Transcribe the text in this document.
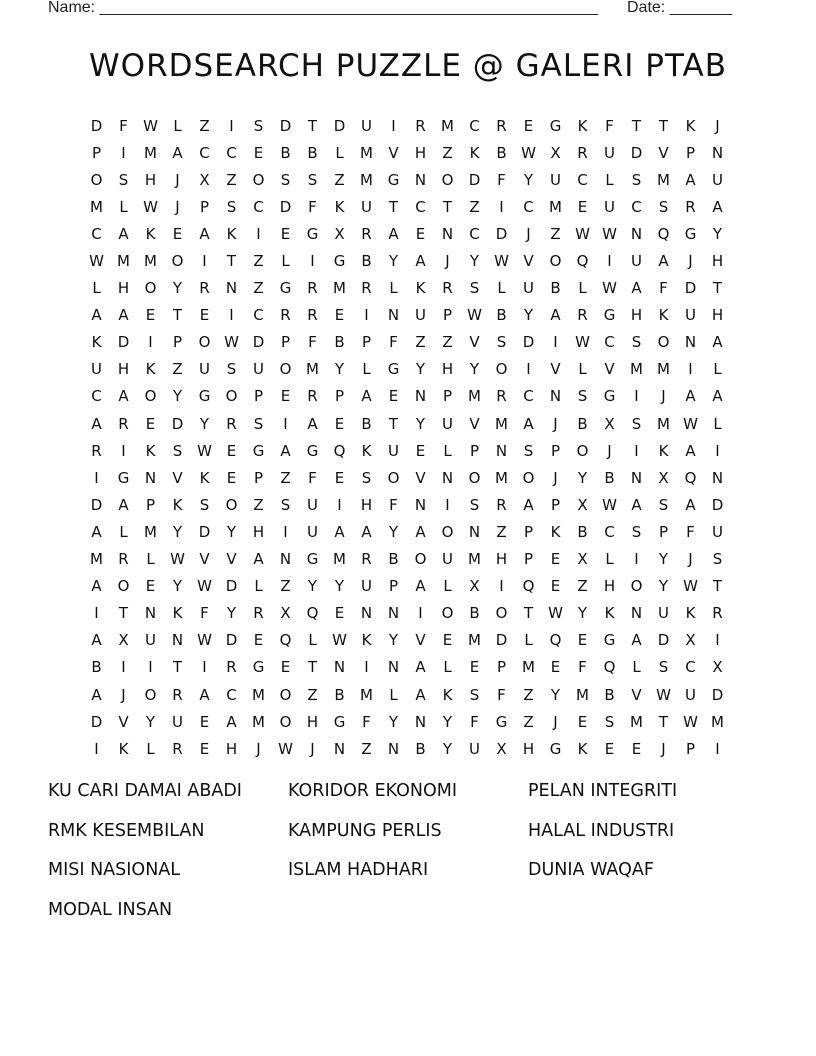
Name: ________________________________________________________ Date: _______
WORDSEARCH PUZZLE @ GALERI PTAB
D	F	W	L	Z	I	S	D	T	D	U	I	R	M	C	R	E	G	K	F	T	T	K	J
P	I	M	A	C	C	E	B	B	L	M	V	H	Z	K	B W X	R	U	D	V	P	N
O	S	H	J	X	Z	O	S	S	Z	M G	N	O	D	F	Y	U	C	L	S	M	A	U
M	L	W	J	P	S	C	D	F	K	U	T	C	T	Z	I	C	M	E	U	C	S	R	A
C	A	K	E	A	K	I	E	G	X	R	A	E	N	C	D	J	Z W W N	Q	G	Y
W M M O	I	T	Z	L	I	G	B	Y	A	J	Y	W V	O	Q	I	U	A	J	H
L	H	O	Y	R	N	Z	G	R	M	R	L	K	R	S	L	U	B	L	W A	F	D	T
A	A	E	T	E	I	C	R	R	E	I	N	U	P	W B	Y	A	R	G	H	K	U	H
K	D	I	P	O W D	P	F	B	P	F	Z	Z	V	S	D	I	W C	S	O	N	A
U	H	K	Z	U	S	U	O M	Y	L	G	Y	H	Y	O	I	V	L	V	M M	I	L
C	A	O	Y	G	O	P	E	R	P	A	E	N	P	M	R	C	N	S	G	I	J	A	A
A	R	E	D	Y	R	S	I	A	E	B	T	Y	U	V	M	A	J	B	X	S	M W	L
R	I	K	S W E	G	A	G	Q	K	U	E	L	P	N	S	P	O	J	I	K	A	I
I	G	N	V	K	E	P	Z	F	E	S	O	V	N	O M O	J	Y	B	N	X	Q	N
D	A	P	K	S	O	Z	S	U	I	H	F	N	I	S	R	A	P	X W A	S	A	D
A	L	M	Y	D	Y	H	I	U	A	A	Y	A	O	N	Z	P	K	B	C	S	P	F	U
M	R	L	W V	V	A	N	G M	R	B	O	U	M H	P	E	X	L	I	Y	J	S
A	O	E	Y	W D	L	Z	Y	Y	U	P	A	L	X	I	Q	E	Z	H	O	Y	W T
I	T	N	K	F	Y	R	X	Q	E	N	N	I	O	B	O	T	W Y	K	N	U	K	R
A	X	U	N W D	E	Q	L	W K	Y	V	E	M D	L	Q	E	G	A	D	X	I
B	I	I	T	I	R	G	E	T	N	I	N	A	L	E	P	M	E	F	Q	L	S	C	X
A	J	O	R	A	C	M O	Z	B	M	L	A	K	S	F	Z	Y	M	B	V W U	D
D	V	Y	U	E	A	M O	H	G	F	Y	N	Y	F	G	Z	J	E	S	M	T	W M
I	K	L	R	E	H	J	W	J	N	Z	N	B	Y	U	X	H	G	K	E	E	J	P	I
KU CARI DAMAI ABADI	KORIDOR EKONOMI	PELAN INTEGRITI
RMK KESEMBILAN	KAMPUNG PERLIS	HALAL INDUSTRI
MISI NASIONAL	ISLAM HADHARI	DUNIA WAQAF
MODAL INSAN
